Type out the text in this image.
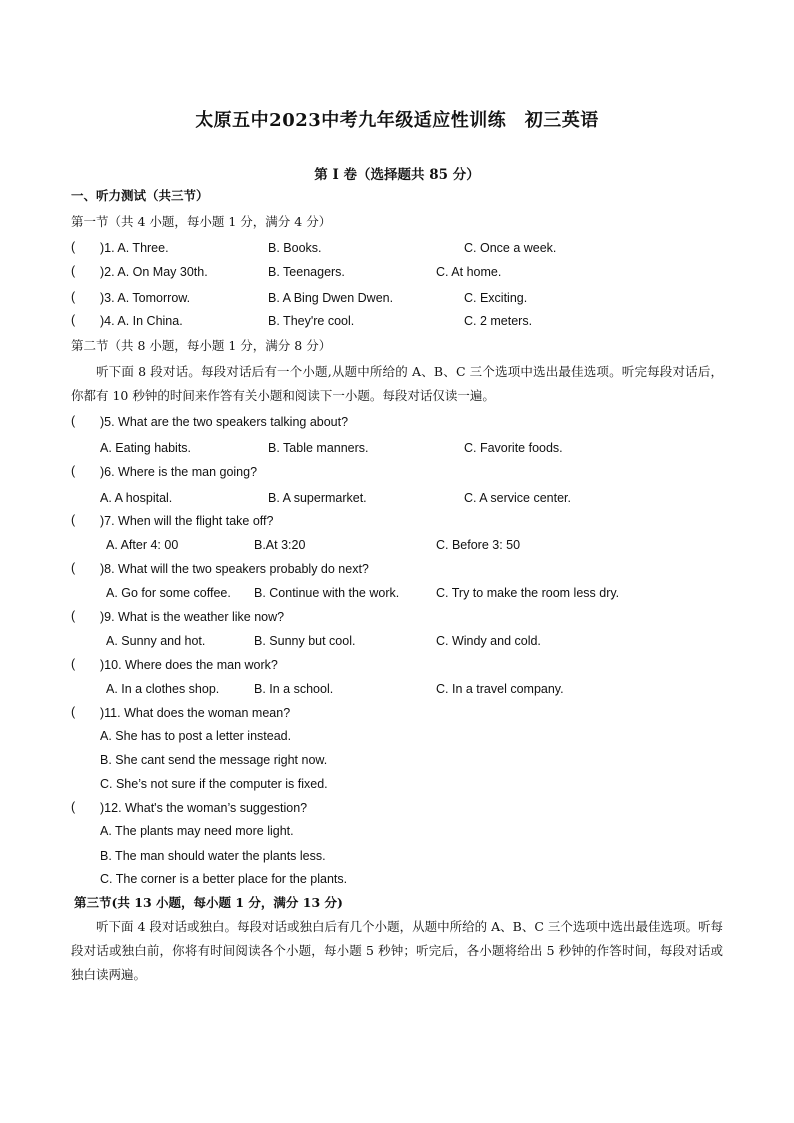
太原五中2023中考九年级适应性训练　初三英语
第 I 卷（选择题共 85 分）
一、听力测试（共三节）
第一节（共 4 小题，每小题 1 分，满分 4 分）
( )1. A. Three.	B. Books.	C. Once a week.
( )2. A. On May 30th.	B. Teenagers.	C. At home.
( )3. A. Tomorrow.	B. A Bing Dwen Dwen.	C. Exciting.
( )4. A. In China.	B. They're cool.	C. 2 meters.
第二节（共 8 小题，每小题 1 分，满分 8 分）
听下面 8 段对话。每段对话后有一个小题,从题中所给的 A、B、C 三个选项中选出最佳选项。听完每段对话后，你都有 10 秒钟的时间来作答有关小题和阅读下一小题。每段对话仅读一遍。
( )5. What are the two speakers talking about?
A. Eating habits.	B. Table manners.	C. Favorite foods.
( )6. Where is the man going?
A. A hospital.	B. A supermarket.	C. A service center.
( )7. When will the flight take off?
A. After 4: 00	B.At 3:20	C. Before 3: 50
( )8. What will the two speakers probably do next?
A. Go for some coffee. B. Continue with the work.	C. Try to make the room less dry.
( )9. What is the weather like now?
A. Sunny and hot.	B. Sunny but cool.	C. Windy and cold.
( )10. Where does the man work?
A. In a clothes shop.	B. In a school.	C. In a travel company.
( )11. What does the woman mean?
A. She has to post a letter instead.
B. She cant send the message right now.
C. She’s not sure if the computer is fixed.
( )12. What's the woman’s suggestion?
A. The plants may need more light.
B. The man should water the plants less.
C. The corner is a better place for the plants.
第三节(共 13 小题，每小题 1 分，满分 13 分)
听下面 4 段对话或独白。每段对话或独白后有几个小题，从题中所给的 A、B、C 三个选项中选出最佳选项。听每段对话或独白前，你将有时间阅读各个小题，每小题 5 秒钟；听完后，各小题将给出 5 秒钟的作答时间，每段对话或独白读两遍。
